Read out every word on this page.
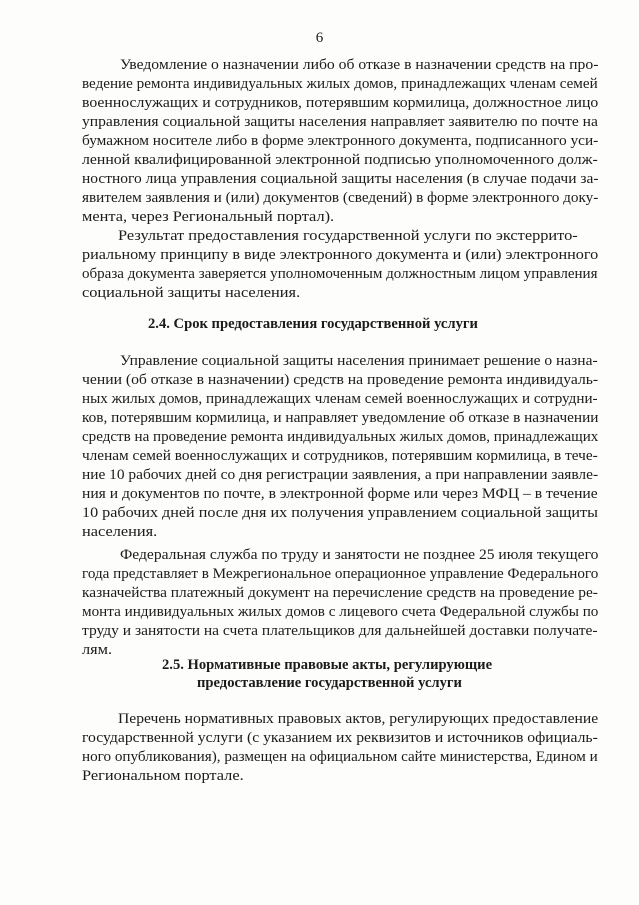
6
Уведомление о назначении либо об отказе в назначении средств на про-
ведение ремонта индивидуальных жилых домов, принадлежащих членам семей
военнослужащих и сотрудников, потерявшим кормилица, должностное лицо
управления социальной защиты населения направляет заявителю по почте на
бумажном носителе либо в форме электронного документа, подписанного уси-
ленной квалифицированной электронной подписью уполномоченного долж-
ностного лица управления социальной защиты населения (в случае подачи за-
явителем заявления и (или) документов (сведений) в форме электронного доку-
мента, через Региональный портал).
Результат предоставления государственной услуги по экстеррито-
риальному принципу в виде электронного документа и (или) электронного
образа документа заверяется уполномоченным должностным лицом управления
социальной защиты населения.
2.4. Срок предоставления государственной услуги
Управление социальной защиты населения принимает решение о назна-
чении (об отказе в назначении) средств на проведение ремонта индивидуаль-
ных жилых домов, принадлежащих членам семей военнослужащих и сотрудни-
ков, потерявшим кормилица, и направляет уведомление об отказе в назначении
средств на проведение ремонта индивидуальных жилых домов, принадлежащих
членам семей военнослужащих и сотрудников, потерявшим кормилица, в тече-
ние 10 рабочих дней со дня регистрации заявления, а при направлении заявле-
ния и документов по почте, в электронной форме или через МФЦ – в течение
10 рабочих дней после дня их получения управлением социальной защиты
населения.
Федеральная служба по труду и занятости не позднее 25 июля текущего
года представляет в Межрегиональное операционное управление Федерального
казначейства платежный документ на перечисление средств на проведение ре-
монта индивидуальных жилых домов с лицевого счета Федеральной службы по
труду и занятости на счета плательщиков для дальнейшей доставки получате-
лям.
2.5. Нормативные правовые акты, регулирующие
предоставление государственной услуги
Перечень нормативных правовых актов, регулирующих предоставление
государственной услуги (с указанием их реквизитов и источников официаль-
ного опубликования), размещен на официальном сайте министерства, Едином и
Региональном портале.
